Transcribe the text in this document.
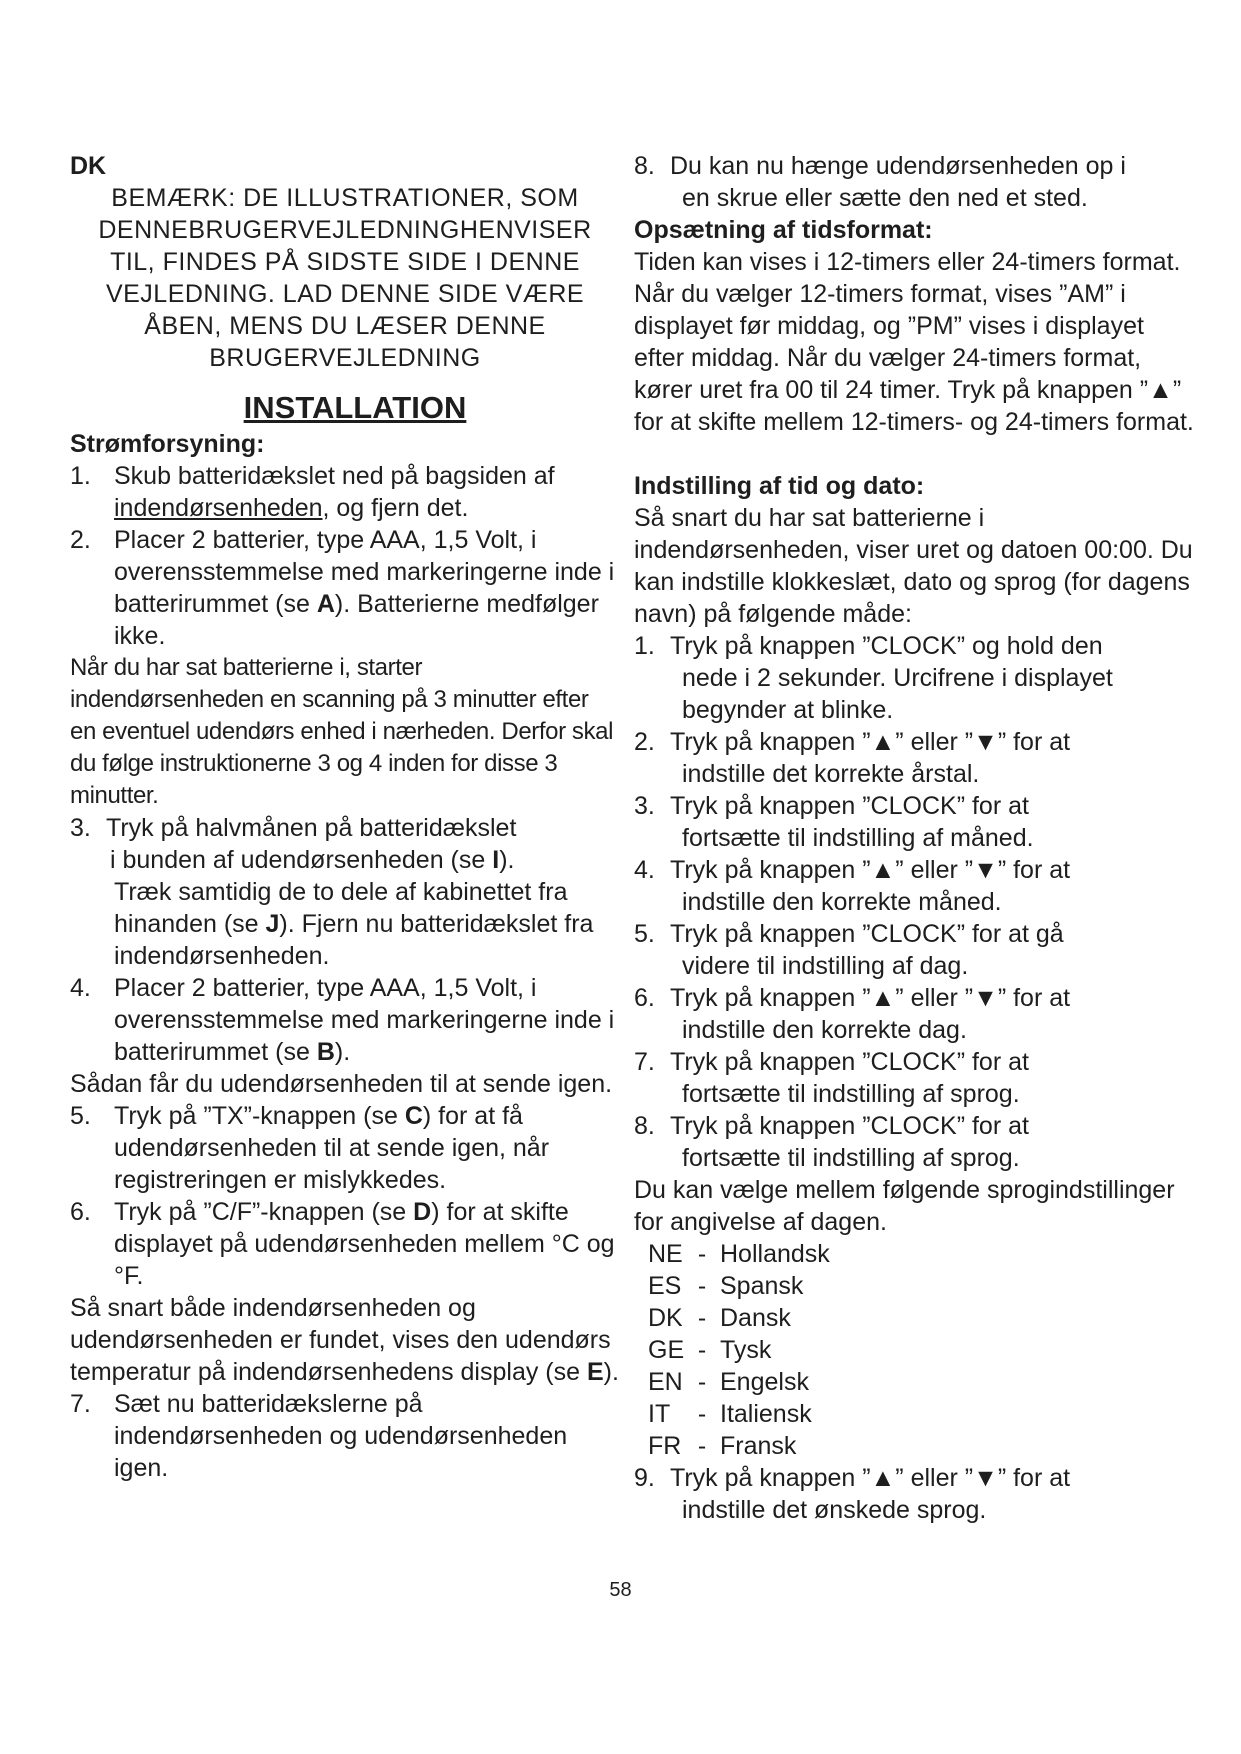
DK

BEMÆRK: DE ILLUSTRATIONER, SOM
DENNEBRUGERVEJLEDNINGHENVISER
TIL, FINDES PÅ SIDSTE SIDE I DENNE
VEJLEDNING. LAD DENNE SIDE VÆRE
ÅBEN, MENS DU LÆSER DENNE
BRUGERVEJLEDNING

INSTALLATION

Strømforsyning:

1. Skub batteridækslet ned på bagsiden af
indendørsenheden, og fjern det.
2. Placer 2 batterier, type AAA, 1,5 Volt, i overensstemmelse med markeringerne inde i batterirummet (se A). Batterierne medfølger ikke.

Når du har sat batterierne i, starter indendørsenheden en scanning på 3 minutter efter en eventuel udendørs enhed i nærheden. Derfor skal du følge instruktionerne 3 og 4 inden for disse 3 minutter.

3. Tryk på halvmånen på batteridækslet
i bunden af udendørsenheden (se I).
Træk samtidig de to dele af kabinettet fra hinanden (se J). Fjern nu batteridækslet fra indendørsenheden.
4. Placer 2 batterier, type AAA, 1,5 Volt, i overensstemmelse med markeringerne inde i batterirummet (se B).

Sådan får du udendørsenheden til at sende igen.

5. Tryk på ”TX”-knappen (se C) for at få udendørsenheden til at sende igen, når registreringen er mislykkedes.
6. Tryk på ”C/F”-knappen (se D) for at skifte displayet på udendørsenheden mellem °C og °F.

Så snart både indendørsenheden og udendørsenheden er fundet, vises den udendørs temperatur på indendørsenhedens display (se E).

7. Sæt nu batteridækslerne på indendørsenheden og udendørsenheden igen.
8. Du kan nu hænge udendørsenheden op i
en skrue eller sætte den ned et sted.

Opsætning af tidsformat:

Tiden kan vises i 12-timers eller 24-timers format. Når du vælger 12-timers format, vises ”AM” i displayet før middag, og ”PM” vises i displayet efter middag. Når du vælger 24-timers format, kører uret fra 00 til 24 timer. Tryk på knappen ”▲” for at skifte mellem 12-timers- og 24-timers format.

Indstilling af tid og dato:

Så snart du har sat batterierne i indendørsenheden, viser uret og datoen 00:00. Du kan indstille klokkeslæt, dato og sprog (for dagens navn) på følgende måde:

1. Tryk på knappen ”CLOCK” og hold den
nede i 2 sekunder. Urcifrene i displayet begynder at blinke.
2. Tryk på knappen ”▲” eller ”▼” for at
indstille det korrekte årstal.
3. Tryk på knappen ”CLOCK” for at
fortsætte til indstilling af måned.
4. Tryk på knappen ”▲” eller ”▼” for at
indstille den korrekte måned.
5. Tryk på knappen ”CLOCK” for at gå
videre til indstilling af dag.
6. Tryk på knappen ”▲” eller ”▼” for at
indstille den korrekte dag.
7. Tryk på knappen ”CLOCK” for at
fortsætte til indstilling af sprog.
8. Tryk på knappen ”CLOCK” for at
fortsætte til indstilling af sprog.

Du kan vælge mellem følgende sprogindstillinger for angivelse af dagen.

NE - Hollandsk
ES - Spansk
DK - Dansk
GE - Tysk
EN - Engelsk
IT	- Italiensk
FR - Fransk
9. Tryk på knappen ”▲” eller ”▼” for at
indstille det ønskede sprog.
58
